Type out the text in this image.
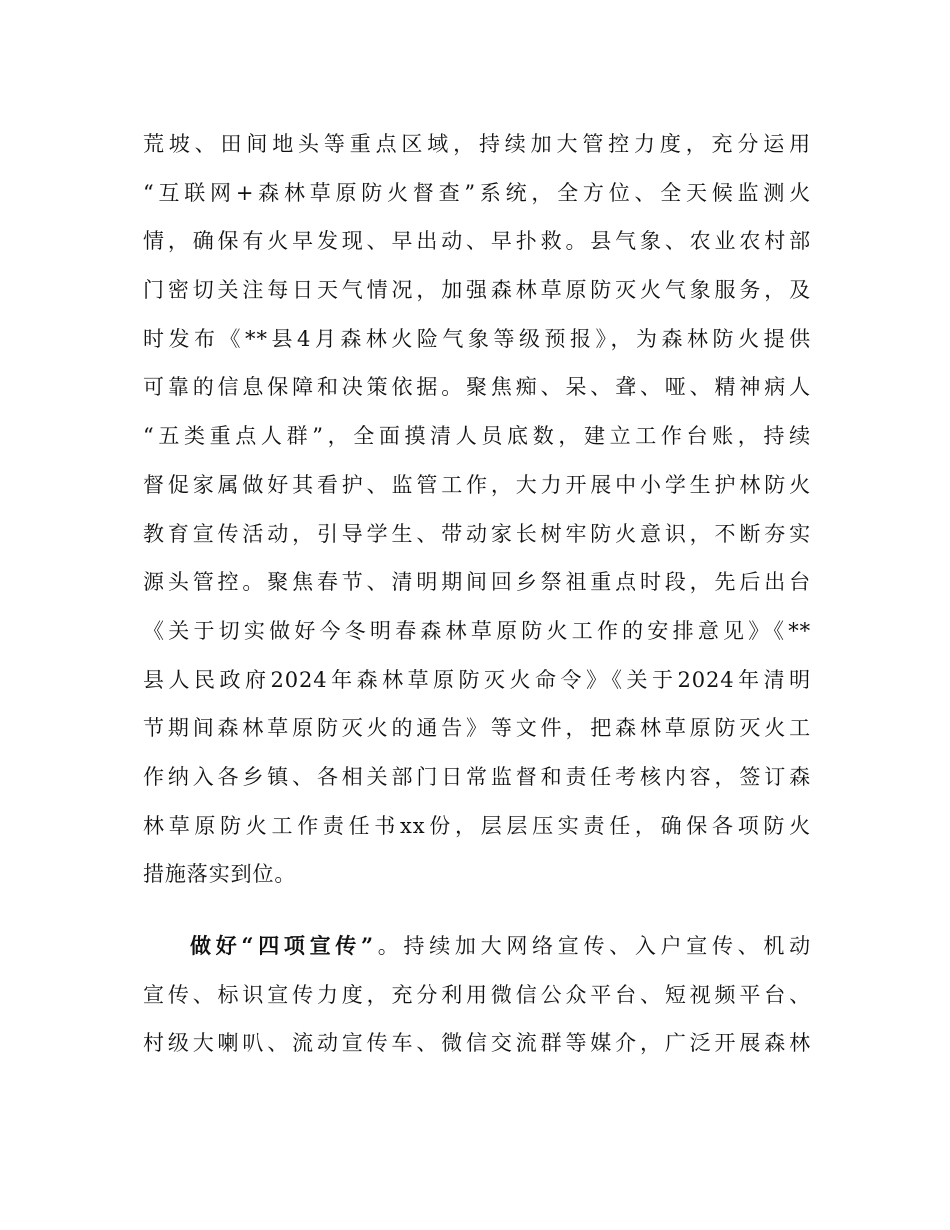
荒坡、田间地头等重点区域，持续加大管控力度，充分运用
“互联网+森林草原防火督查”系统，全方位、全天候监测火
情，确保有火早发现、早出动、早扑救。县气象、农业农村部
门密切关注每日天气情况，加强森林草原防灭火气象服务，及
时发布《**县4月森林火险气象等级预报》，为森林防火提供
可靠的信息保障和决策依据。聚焦痴、呆、聋、哑、精神病人
“五类重点人群”，全面摸清人员底数，建立工作台账，持续
督促家属做好其看护、监管工作，大力开展中小学生护林防火
教育宣传活动，引导学生、带动家长树牢防火意识，不断夯实
源头管控。聚焦春节、清明期间回乡祭祖重点时段，先后出台
《关于切实做好今冬明春森林草原防火工作的安排意见》《**
县人民政府2024年森林草原防灭火命令》《关于2024年清明
节期间森林草原防灭火的通告》等文件，把森林草原防灭火工
作纳入各乡镇、各相关部门日常监督和责任考核内容，签订森
林草原防火工作责任书xx份，层层压实责任，确保各项防火
措施落实到位。
做好“四项宣传”。持续加大网络宣传、入户宣传、机动
宣传、标识宣传力度，充分利用微信公众平台、短视频平台、
村级大喇叭、流动宣传车、微信交流群等媒介，广泛开展森林
